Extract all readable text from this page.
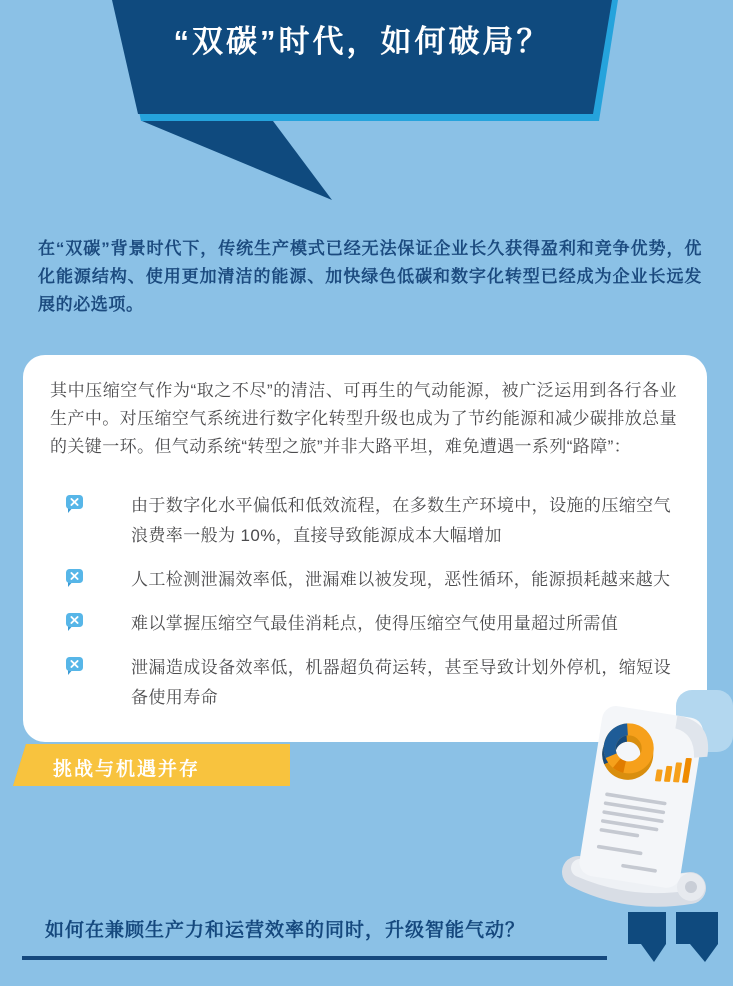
“双碳”时代，如何破局？
在“双碳”背景时代下，传统生产模式已经无法保证企业长久获得盈利和竞争优势，优化能源结构、使用更加清洁的能源、加快绿色低碳和数字化转型已经成为企业长远发展的必选项。

其中压缩空气作为“取之不尽”的清洁、可再生的气动能源，被广泛运用到各行各业生产中。对压缩空气系统进行数字化转型升级也成为了节约能源和减少碳排放总量的关键一环。但气动系统“转型之旅”并非大路平坦，难免遭遇一系列“路障”：

由于数字化水平偏低和低效流程，在多数生产环境中，设施的压缩空气浪费率一般为 10%，直接导致能源成本大幅增加
人工检测泄漏效率低，泄漏难以被发现，恶性循环，能源损耗越来越大
难以掌握压缩空气最佳消耗点，使得压缩空气使用量超过所需值
泄漏造成设备效率低，机器超负荷运转，甚至导致计划外停机，缩短设备使用寿命
挑战与机遇并存
如何在兼顾生产力和运营效率的同时，升级智能气动？
